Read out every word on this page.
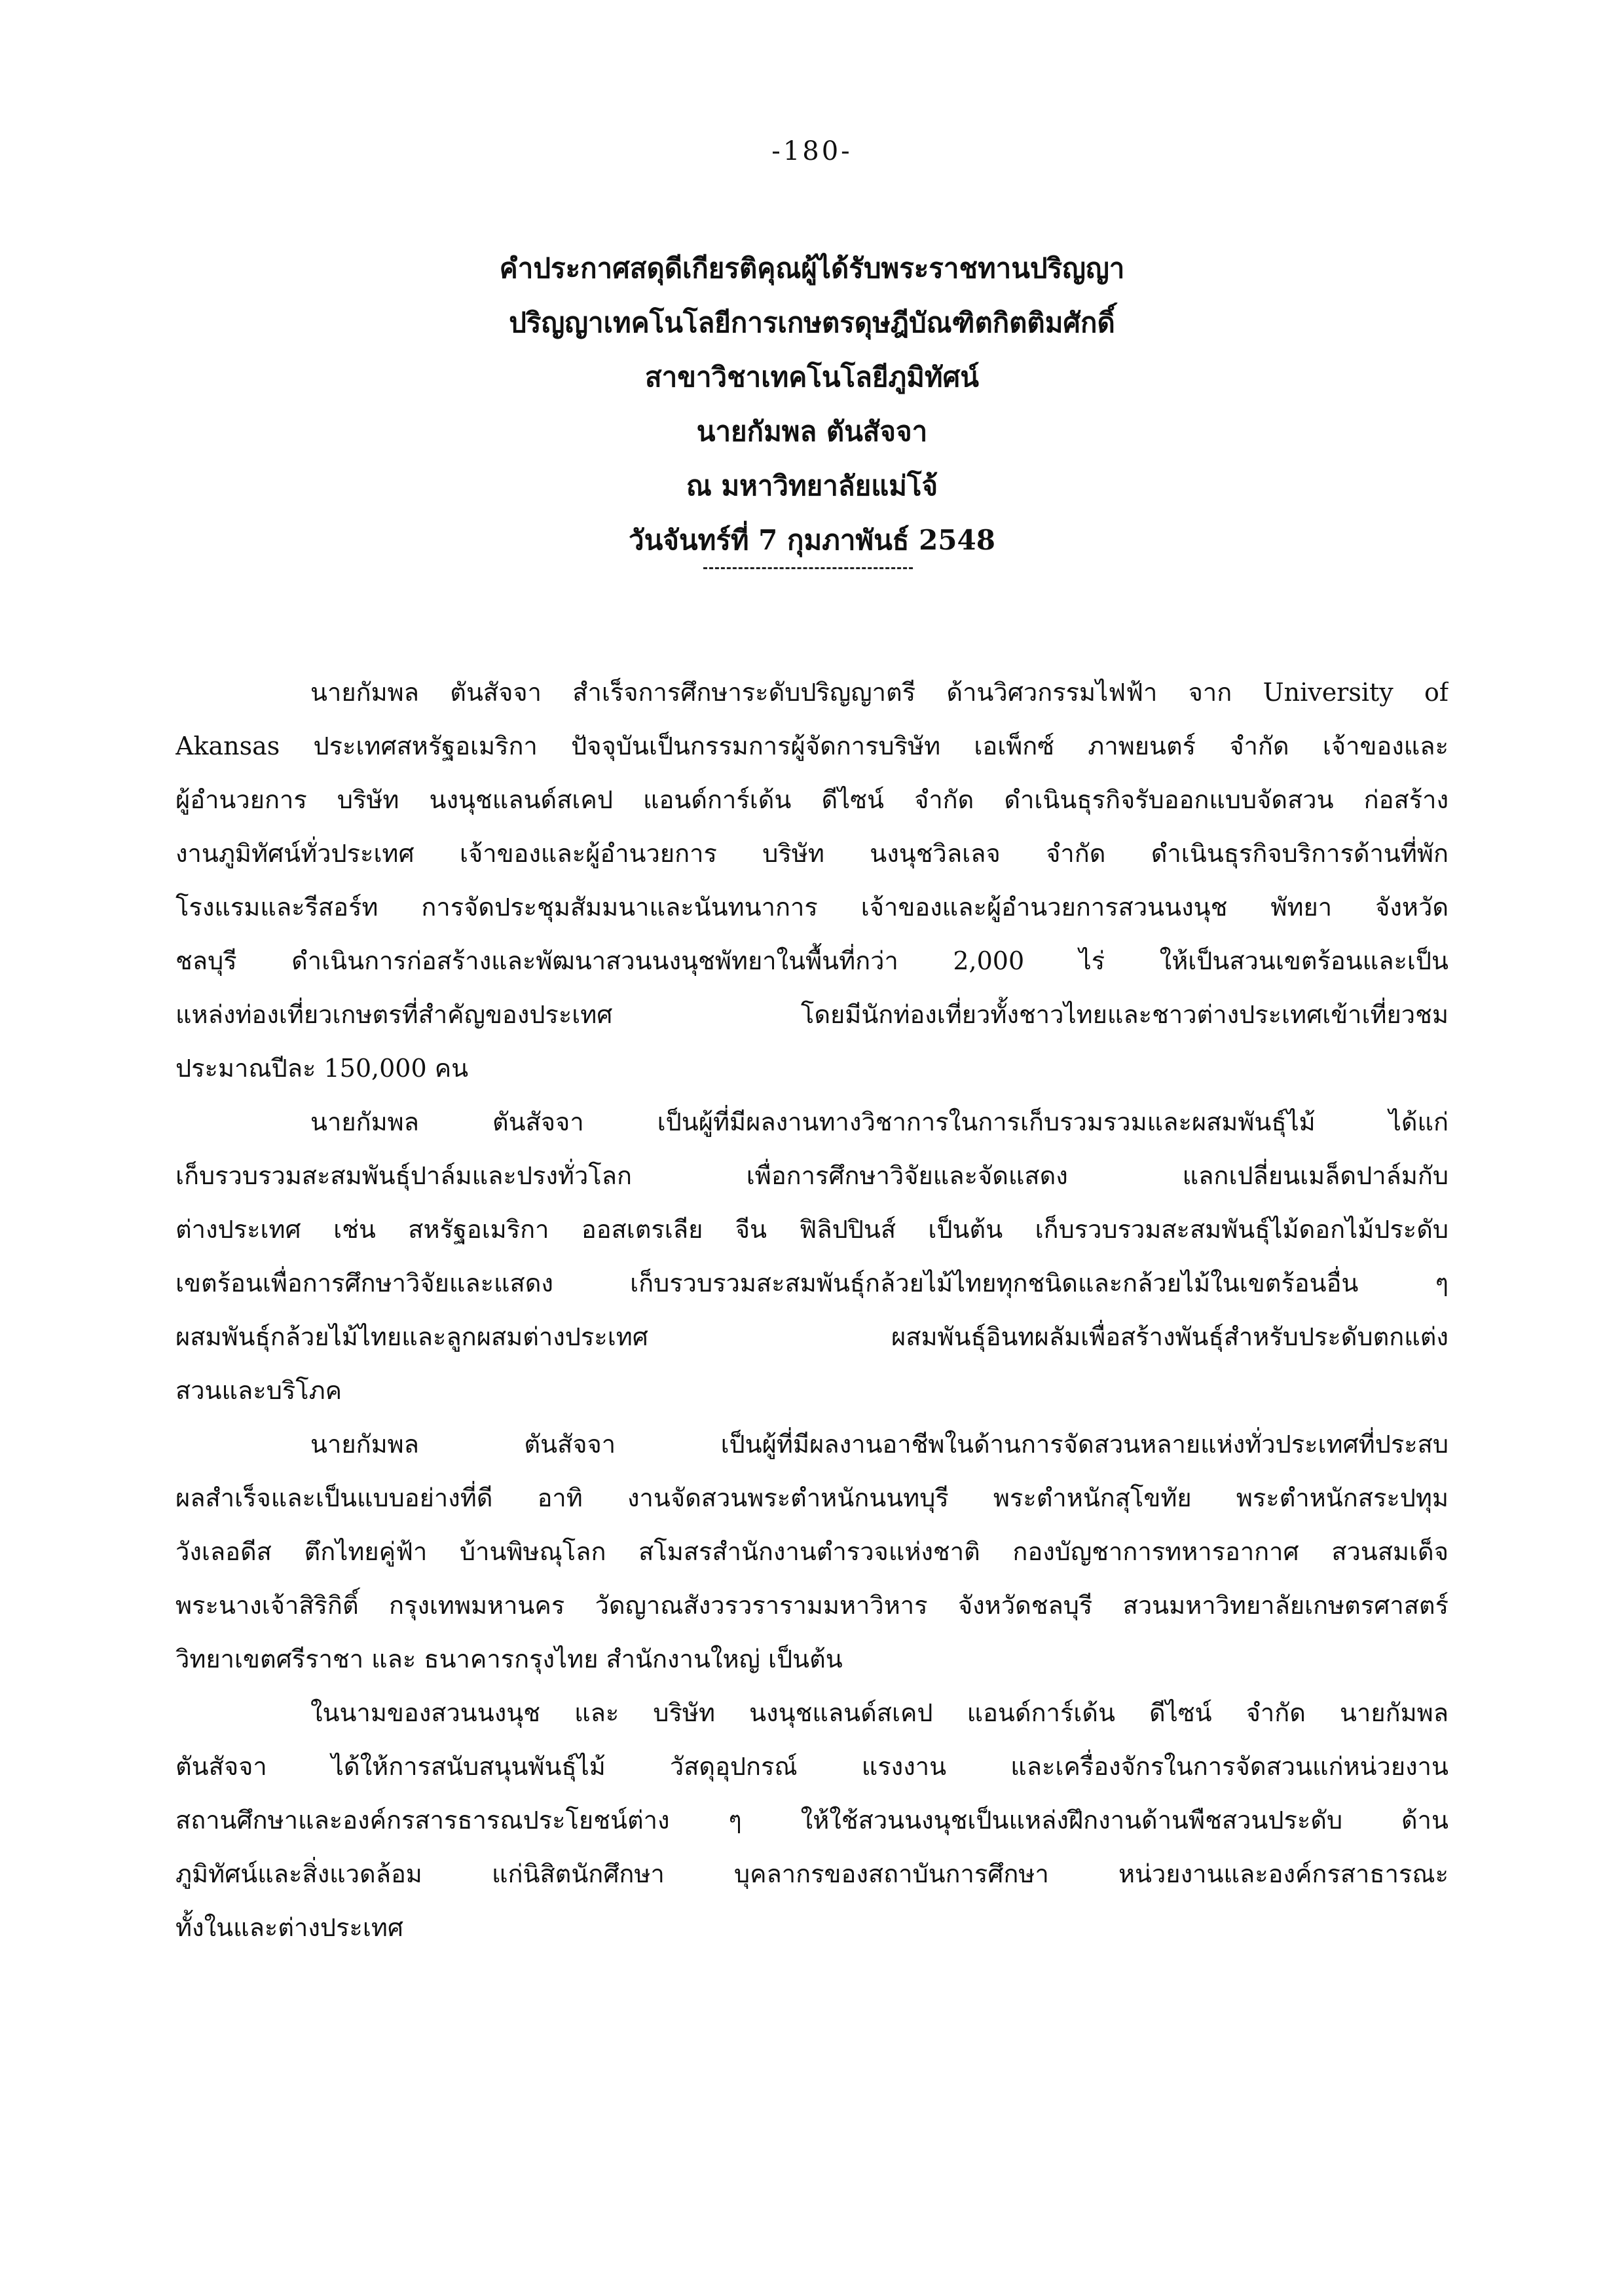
-180-
คำประกาศสดุดีเกียรติคุณผู้ได้รับพระราชทานปริญญา
ปริญญาเทคโนโลยีการเกษตรดุษฎีบัณฑิตกิตติมศักดิ์
สาขาวิชาเทคโนโลยีภูมิทัศน์
นายกัมพล ตันสัจจา
ณ มหาวิทยาลัยแม่โจ้
วันจันทร์ที่ 7 กุมภาพันธ์ 2548
นายกัมพล ตันสัจจา สำเร็จการศึกษาระดับปริญญาตรี ด้านวิศวกรรมไฟฟ้า จาก University of
Akansas ประเทศสหรัฐอเมริกา ปัจจุบันเป็นกรรมการผู้จัดการบริษัท เอเพ็กซ์ ภาพยนตร์ จำกัด เจ้าของและ
ผู้อำนวยการ บริษัท นงนุชแลนด์สเคป แอนด์การ์เด้น ดีไซน์ จำกัด ดำเนินธุรกิจรับออกแบบจัดสวน ก่อสร้าง
งานภูมิทัศน์ทั่วประเทศ เจ้าของและผู้อำนวยการ บริษัท นงนุชวิลเลจ จำกัด ดำเนินธุรกิจบริการด้านที่พัก
โรงแรมและรีสอร์ท การจัดประชุมสัมมนาและนันทนาการ เจ้าของและผู้อำนวยการสวนนงนุช พัทยา จังหวัด
ชลบุรี ดำเนินการก่อสร้างและพัฒนาสวนนงนุชพัทยาในพื้นที่กว่า 2,000 ไร่ ให้เป็นสวนเขตร้อนและเป็น
แหล่งท่องเที่ยวเกษตรที่สำคัญของประเทศ โดยมีนักท่องเที่ยวทั้งชาวไทยและชาวต่างประเทศเข้าเที่ยวชม
ประมาณปีละ 150,000 คน
นายกัมพล ตันสัจจา เป็นผู้ที่มีผลงานทางวิชาการในการเก็บรวมรวมและผสมพันธุ์ไม้ ได้แก่
เก็บรวบรวมสะสมพันธุ์ปาล์มและปรงทั่วโลก เพื่อการศึกษาวิจัยและจัดแสดง แลกเปลี่ยนเมล็ดปาล์มกับ
ต่างประเทศ เช่น สหรัฐอเมริกา ออสเตรเลีย จีน ฟิลิปปินส์ เป็นต้น เก็บรวบรวมสะสมพันธุ์ไม้ดอกไม้ประดับ
เขตร้อนเพื่อการศึกษาวิจัยและแสดง เก็บรวบรวมสะสมพันธุ์กล้วยไม้ไทยทุกชนิดและกล้วยไม้ในเขตร้อนอื่น ๆ
ผสมพันธุ์กล้วยไม้ไทยและลูกผสมต่างประเทศ ผสมพันธุ์อินทผลัมเพื่อสร้างพันธุ์สำหรับประดับตกแต่ง
สวนและบริโภค
นายกัมพล ตันสัจจา เป็นผู้ที่มีผลงานอาชีพในด้านการจัดสวนหลายแห่งทั่วประเทศที่ประสบ
ผลสำเร็จและเป็นแบบอย่างที่ดี อาทิ งานจัดสวนพระตำหนักนนทบุรี พระตำหนักสุโขทัย พระตำหนักสระปทุม
วังเลอดีส ตึกไทยคู่ฟ้า บ้านพิษณุโลก สโมสรสำนักงานตำรวจแห่งชาติ กองบัญชาการทหารอากาศ สวนสมเด็จ
พระนางเจ้าสิริกิติ์ กรุงเทพมหานคร วัดญาณสังวรวรารามมหาวิหาร จังหวัดชลบุรี สวนมหาวิทยาลัยเกษตรศาสตร์
วิทยาเขตศรีราชา และ ธนาคารกรุงไทย สำนักงานใหญ่ เป็นต้น
ในนามของสวนนงนุช และ บริษัท นงนุชแลนด์สเคป แอนด์การ์เด้น ดีไซน์ จำกัด นายกัมพล
ตันสัจจา ได้ให้การสนับสนุนพันธุ์ไม้ วัสดุอุปกรณ์ แรงงาน และเครื่องจักรในการจัดสวนแก่หน่วยงาน
สถานศึกษาและองค์กรสารธารณประโยชน์ต่าง ๆ ให้ใช้สวนนงนุชเป็นแหล่งฝึกงานด้านพืชสวนประดับ ด้าน
ภูมิทัศน์และสิ่งแวดล้อม แก่นิสิตนักศึกษา บุคลากรของสถาบันการศึกษา หน่วยงานและองค์กรสาธารณะ
ทั้งในและต่างประเทศ
